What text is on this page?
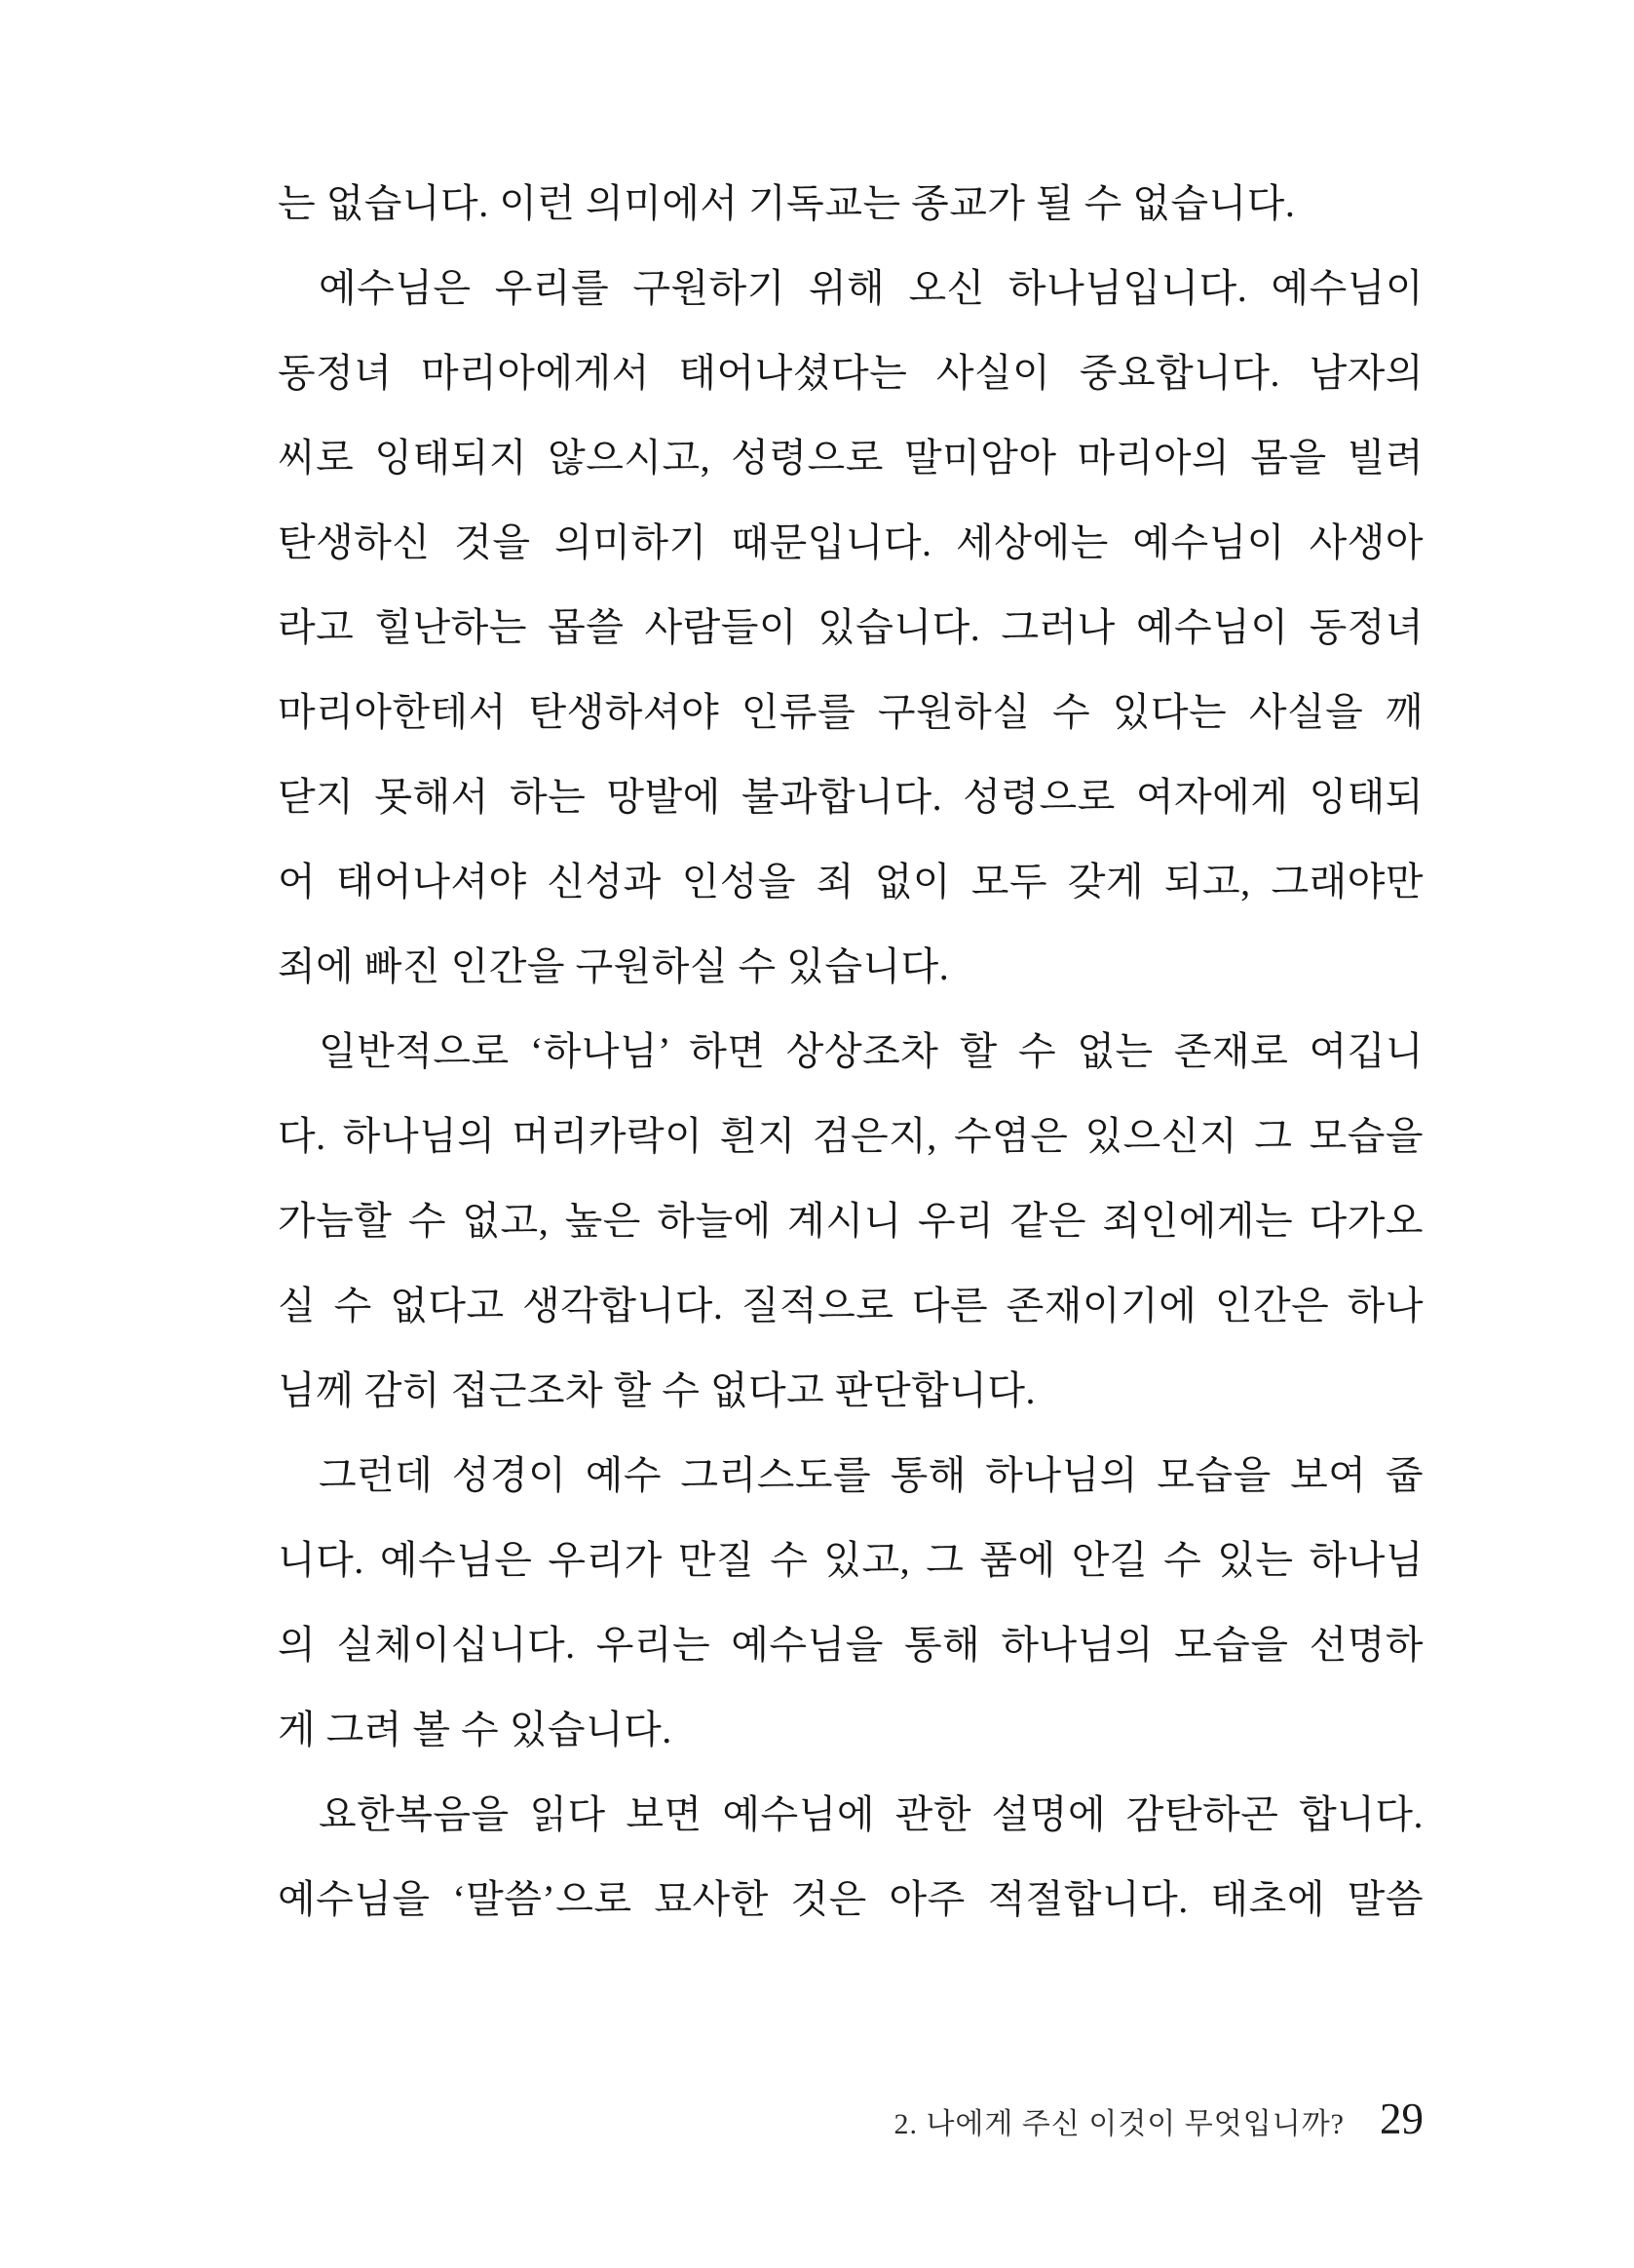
는 없습니다. 이런 의미에서 기독교는 종교가 될 수 없습니다.
예수님은 우리를 구원하기 위해 오신 하나님입니다. 예수님이
동정녀 마리아에게서 태어나셨다는 사실이 중요합니다. 남자의
씨로 잉태되지 않으시고, 성령으로 말미암아 마리아의 몸을 빌려
탄생하신 것을 의미하기 때문입니다. 세상에는 예수님이 사생아
라고 힐난하는 몹쓸 사람들이 있습니다. 그러나 예수님이 동정녀
마리아한테서 탄생하셔야 인류를 구원하실 수 있다는 사실을 깨
닫지 못해서 하는 망발에 불과합니다. 성령으로 여자에게 잉태되
어 태어나셔야 신성과 인성을 죄 없이 모두 갖게 되고, 그래야만
죄에 빠진 인간을 구원하실 수 있습니다.
일반적으로 ‘하나님’ 하면 상상조차 할 수 없는 존재로 여깁니
다. 하나님의 머리카락이 흰지 검은지, 수염은 있으신지 그 모습을
가늠할 수 없고, 높은 하늘에 계시니 우리 같은 죄인에게는 다가오
실 수 없다고 생각합니다. 질적으로 다른 존재이기에 인간은 하나
님께 감히 접근조차 할 수 없다고 판단합니다.
그런데 성경이 예수 그리스도를 통해 하나님의 모습을 보여 줍
니다. 예수님은 우리가 만질 수 있고, 그 품에 안길 수 있는 하나님
의 실체이십니다. 우리는 예수님을 통해 하나님의 모습을 선명하
게 그려 볼 수 있습니다.
요한복음을 읽다 보면 예수님에 관한 설명에 감탄하곤 합니다.
예수님을 ‘말씀’으로 묘사한 것은 아주 적절합니다. 태초에 말씀
2. 나에게 주신 이것이 무엇입니까? 29
